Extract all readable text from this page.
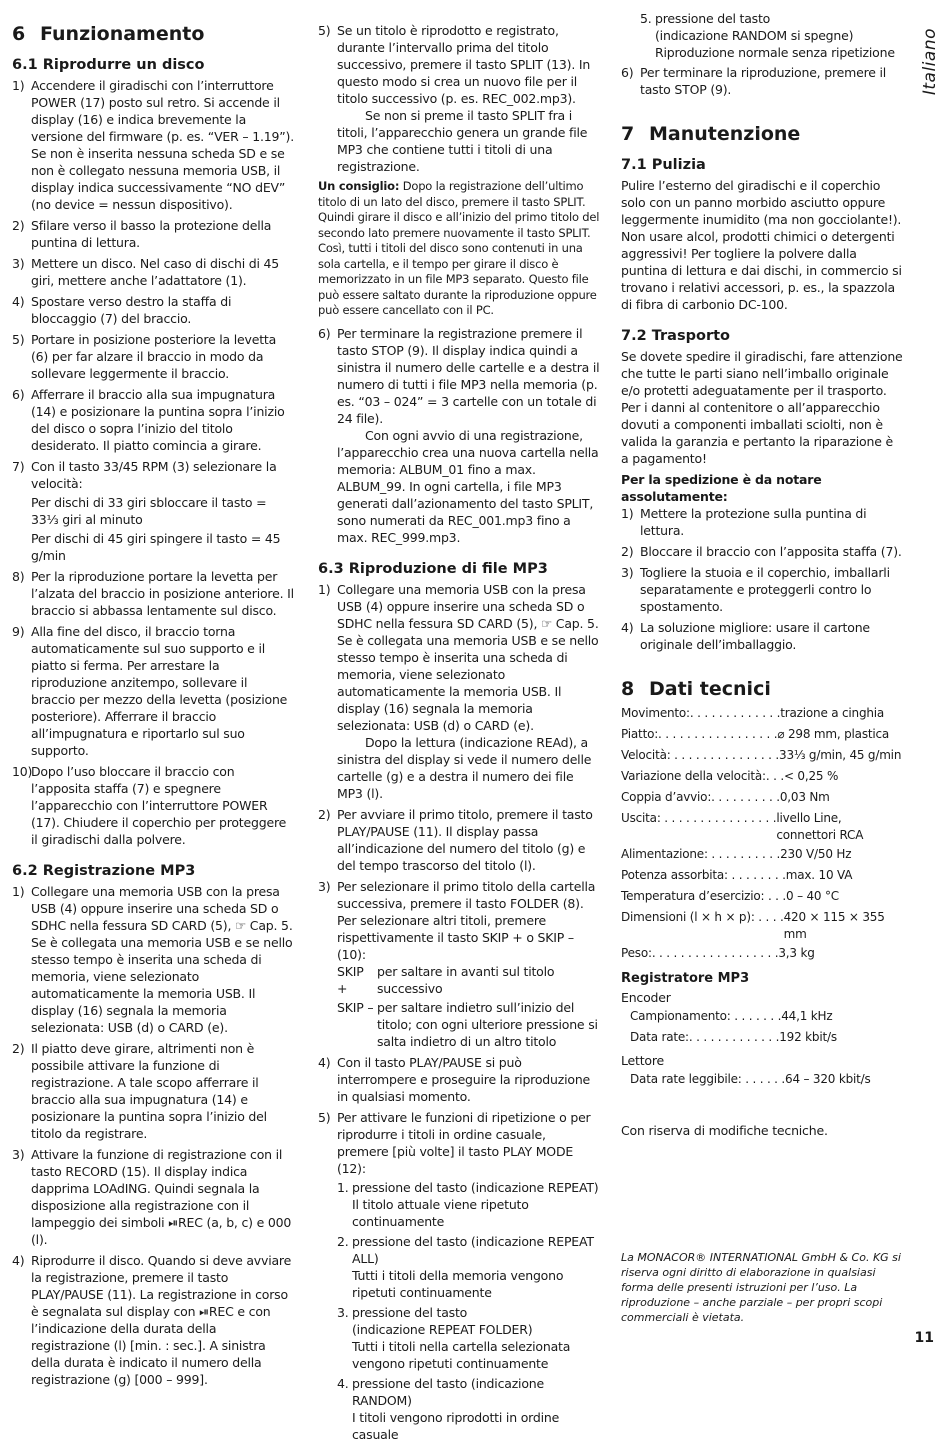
6 Funzionamento
6.1 Riprodurre un disco
1) Accendere il giradischi con l’interruttore POWER (17) posto sul retro. Si accende il display (16) e indica brevemente la versione del firmware (p. es. “VER – 1.19”). Se non è inserita nessuna scheda SD e se non è collegato nessuna memoria USB, il display indica successivamente “NO dEV” (no device = nessun dispositivo).
2) Sfilare verso il basso la protezione della puntina di lettura.
3) Mettere un disco. Nel caso di dischi di 45 giri, mettere anche l’adattatore (1).
4) Spostare verso destro la staffa di bloccaggio (7) del braccio.
5) Portare in posizione posteriore la levetta (6) per far alzare il braccio in modo da sollevare leggermente il braccio.
6) Afferrare il braccio alla sua impugnatura (14) e posizionare la puntina sopra l’inizio del disco o sopra l’inizio del titolo desiderato. Il piatto comincia a girare.
7) Con il tasto 33/45 RPM (3) selezionare la velocità:
Per dischi di 33 giri sbloccare il tasto = 33⅓ giri al minuto
Per dischi di 45 giri spingere il tasto = 45 g/min
8) Per la riproduzione portare la levetta per l’alzata del braccio in posizione anteriore. Il braccio si abbassa lentamente sul disco.
9) Alla fine del disco, il braccio torna automaticamente sul suo supporto e il piatto si ferma. Per arrestare la riproduzione anzitempo, sollevare il braccio per mezzo della levetta (posizione posteriore). Afferrare il braccio all’impugnatura e riportarlo sul suo supporto.
10)
Dopo l’uso bloccare il braccio con l’apposita staffa (7) e spegnere l’apparecchio con l’interruttore POWER (17). Chiudere il coperchio per proteggere il giradischi dalla polvere.
6.2 Registrazione MP3
1) Collegare una memoria USB con la presa USB (4) oppure inserire una scheda SD o SDHC nella fessura SD CARD (5), ☞ Cap. 5. Se è collegata una memoria USB e se nello stesso tempo è inserita una scheda di memoria, viene selezionato automaticamente la memoria USB. Il display (16) segnala la memoria selezionata: USB (d) o CARD (e).
2) Il piatto deve girare, altrimenti non è possibile attivare la funzione di registrazione. A tale scopo afferrare il braccio alla sua impugnatura (14) e posizionare la puntina sopra l’inizio del titolo da registrare.
3) Attivare la funzione di registrazione con il tasto RECORD (15). Il display indica dapprima LOAdING. Quindi segnala la disposizione alla registrazione con il lampeggio dei simboli ⏯REC (a, b, c) e 000 (l).
4) Riprodurre il disco. Quando si deve avviare la registrazione, premere il tasto PLAY/PAUSE (11). La registrazione in corso è segnalata sul display con ⏯REC e con l’indicazione della durata della registrazione (l) [min. : sec.]. A sinistra della durata è indicato il numero della registrazione (g) [000 – 999].
5) Se un titolo è riprodotto e registrato, durante l’intervallo prima del titolo successivo, premere il tasto SPLIT (13). In questo modo si crea un nuovo file per il titolo successivo (p. es. REC_002.mp3).

Se non si preme il tasto SPLIT fra i titoli, l’apparecchio genera un grande file MP3 che contiene tutti i titoli di una registrazione.

Un consiglio: Dopo la registrazione dell’ultimo titolo di un lato del disco, premere il tasto SPLIT. Quindi girare il disco e all’inizio del primo titolo del secondo lato premere nuovamente il tasto SPLIT. Così, tutti i titoli del disco sono contenuti in una sola cartella, e il tempo per girare il disco è memorizzato in un file MP3 separato. Questo file può essere saltato durante la riproduzione oppure può essere cancellato con il PC.

6) Per terminare la registrazione premere il tasto STOP (9). Il display indica quindi a sinistra il numero delle cartelle e a destra il numero di tutti i file MP3 nella memoria (p. es. “03 – 024” = 3 cartelle con un totale di 24 file).

Con ogni avvio di una registrazione, l’apparecchio crea una nuova cartella nella memoria: ALBUM_01 fino a max. ALBUM_99. In ogni cartella, i file MP3 generati dall’azionamento del tasto SPLIT, sono numerati da REC_001.mp3 fino a max. REC_999.mp3.

6.3 Riproduzione di file MP3
1) Collegare una memoria USB con la presa USB (4) oppure inserire una scheda SD o SDHC nella fessura SD CARD (5), ☞ Cap. 5. Se è collegata una memoria USB e se nello stesso tempo è inserita una scheda di memoria, viene selezionato automaticamente la memoria USB. Il display (16) segnala la memoria selezionata: USB (d) o CARD (e).

Dopo la lettura (indicazione REAd), a sinistra del display si vede il numero delle cartelle (g) e a destra il numero dei file MP3 (l).

2) Per avviare il primo titolo, premere il tasto PLAY/PAUSE (11). Il display passa all’indicazione del numero del titolo (g) e del tempo trascorso del titolo (l).
3) Per selezionare il primo titolo della cartella successiva, premere il tasto FOLDER (8). Per selezionare altri titoli, premere rispettivamente il tasto SKIP + o SKIP – (10):
SKIP +
per saltare in avanti sul titolo successivo
SKIP – per saltare indietro sull’inizio del titolo; con ogni ulteriore pressione si salta indietro di un altro titolo
4) Con il tasto PLAY/PAUSE si può interrompere e proseguire la riproduzione in qualsiasi momento.
5) Per attivare le funzioni di ripetizione o per riprodurre i titoli in ordine casuale, premere [più volte] il tasto PLAY MODE (12):
1. pressione del tasto (indicazione REPEAT)
Il titolo attuale viene ripetuto continuamente
2. pressione del tasto (indicazione REPEAT ALL)
Tutti i titoli della memoria vengono ripetuti continuamente
3. pressione del tasto
(indicazione REPEAT FOLDER)
Tutti i titoli nella cartella selezionata vengono ripetuti continuamente
4. pressione del tasto (indicazione RANDOM)
I titoli vengono riprodotti in ordine casuale
5. pressione del tasto
(indicazione RANDOM si spegne)
Riproduzione normale senza ripetizione
6) Per terminare la riproduzione, premere il tasto STOP (9).
7 Manutenzione
7.1 Pulizia

Pulire l’esterno del giradischi e il coperchio solo con un panno morbido asciutto oppure leggermente inumidito (ma non gocciolante!). Non usare alcol, prodotti chimici o detergenti aggressivi! Per togliere la polvere dalla puntina di lettura e dai dischi, in commercio si trovano i relativi accessori, p. es., la spazzola di fibra di carbonio DC-100.

7.2 Trasporto

Se dovete spedire il giradischi, fare attenzione che tutte le parti siano nell’imballo originale e/o protetti adeguatamente per il trasporto. Per i danni al contenitore o all’apparecchio dovuti a componenti imballati sciolti, non è valida la garanzia e pertanto la riparazione è a pagamento!

Per la spedizione è da notare assolutamente:
1) Mettere la protezione sulla puntina di lettura.
2) Bloccare il braccio con l’apposita staffa (7).
3) Togliere la stuoia e il coperchio, imballarli separatamente e proteggerli contro lo spostamento.
4) La soluzione migliore: usare il cartone originale dell’imballaggio.
8 Dati tecnici
Movimento:. . . . . . . . . . . . . trazione a cinghia
Piatto:. . . . . . . . . . . . . . . . . ⌀ 298 mm, plastica
Velocità: . . . . . . . . . . . . . . . 33⅓ g/min, 45 g/min
Variazione della velocità:. . . < 0,25 %
Coppia d’avvio:. . . . . . . . . . 0,03 Nm
Uscita: . . . . . . . . . . . . . . . . livello Line,
connettori RCA
Alimentazione: . . . . . . . . . . 230 V/50 Hz
Potenza assorbita: . . . . . . . . max. 10 VA
Temperatura d’esercizio: . . . 0 – 40 °C
Dimensioni (l × h × p): . . . . 420 × 115 × 355 mm
Peso:. . . . . . . . . . . . . . . . . . 3,3 kg
Registratore MP3
Encoder
Campionamento: . . . . . . . 44,1 kHz
Data rate:. . . . . . . . . . . . . 192 kbit/s
Lettore
Data rate leggibile: . . . . . . 64 – 320 kbit/s

Con riserva di modifiche tecniche.

Italiano
La MONACOR® INTERNATIONAL GmbH & Co. KG si riserva ogni diritto di elaborazione in qualsiasi forma delle presenti istruzioni per l’uso. La riproduzione – anche parziale – per propri scopi commerciali è vietata.
11
